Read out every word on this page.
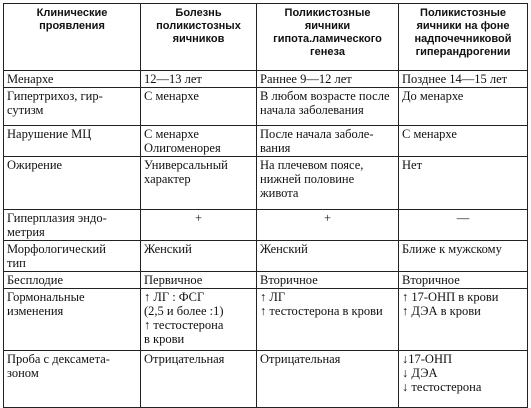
Клинические
проявления	Болезнь
поликистозных
яичников	Поликистозные
яичники
гипота.ламического
генеза	Поликистозные
яичники на фоне
надпочечниковой
гиперандрогении

Менархе	12—13 лет	Раннее 9—12 лет	Позднее 14—15 лет

Гипертрихоз, гир-
сутизм	С менархе	В любом возрасте после
начала заболевания	До менархе

Нарушение МЦ	С менархе
Олигоменорея	После начала заболе-
вания	С менархе

Ожирение	Универсальный
характер	На плечевом поясе,
нижней половине
живота	Нет

Гиперплазия эндо-
метрия	+	+	—

Морфологический
тип	Женский	Женский	Ближе к мужскому

Бесплодие	Первичное	Вторичное	Вторичное

Гормональные
изменения	↑ ЛГ : ФСГ
(2,5 и более :1)
↑ тестостерона
в крови	↑ ЛГ
↑ тестостерона в крови	↑ 17-ОНП в крови
↑ ДЭА в крови

Проба с дексамета-
зоном	Отрицательная	Отрицательная	↓17-ОНП
↓ ДЭА
↓ тестостерона
